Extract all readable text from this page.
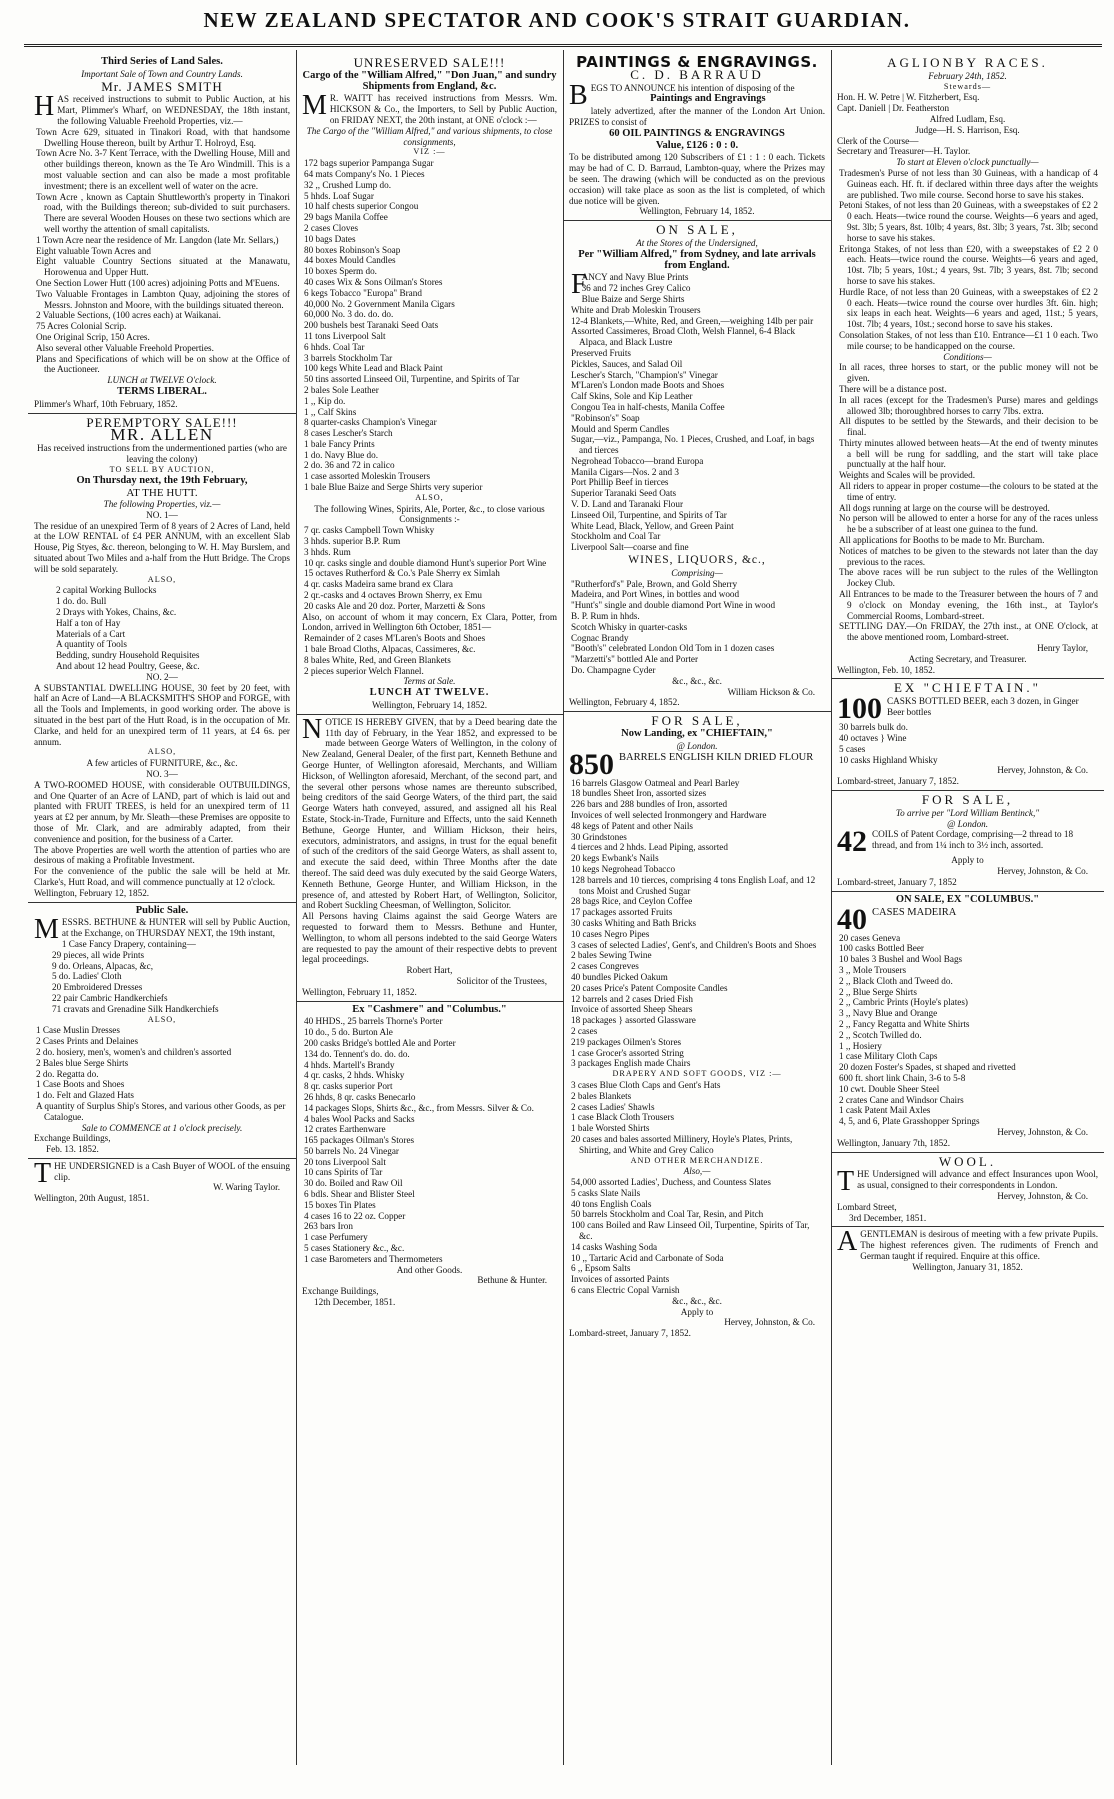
NEW ZEALAND SPECTATOR AND COOK'S STRAIT GUARDIAN.
Third Series of Land Sales.
Important Sale of Town and Country Lands.
Mr. JAMES SMITH
HAS received instructions to submit to Public Auction, at his Mart, Plimmer's Wharf, on WEDNESDAY, the 18th instant, the following Valuable Freehold Properties, viz.—
Town Acre 629, situated in Tinakori Road, with that handsome Dwelling House thereon, built by Arthur T. Holroyd, Esq.
Town Acre No. 3-7 Kent Terrace, with the Dwelling House, Mill and other buildings thereon, known as the Te Aro Windmill. This is a most valuable section and can also be made a most profitable investment; there is an excellent well of water on the acre.
Town Acre , known as Captain Shuttleworth's property in Tinakori road, with the Buildings thereon; sub-divided to suit purchasers. There are several Wooden Houses on these two sections which are well worthy the attention of small capitalists.
1 Town Acre near the residence of Mr. Langdon (late Mr. Sellars,)
Eight valuable Town Acres and
Eight valuable Country Sections situated at the Manawatu, Horowenua and Upper Hutt.
One Section Lower Hutt (100 acres) adjoining Potts and M'Euens.
Two Valuable Frontages in Lambton Quay, adjoining the stores of Messrs. Johnston and Moore, with the buildings situated thereon.
2 Valuable Sections, (100 acres each) at Waikanai.
75 Acres Colonial Scrip.
One Original Scrip, 150 Acres.
Also several other Valuable Freehold Properties.
Plans and Specifications of which will be on show at the Office of the Auctioneer.
LUNCH at TWELVE O'clock.
TERMS LIBERAL.
Plimmer's Wharf, 10th February, 1852.
PEREMPTORY SALE!!!
MR. ALLEN
Has received instructions from the undermentioned parties (who are leaving the colony)
TO SELL BY AUCTION,
On Thursday next, the 19th February,
AT THE HUTT.
The following Properties, viz.—
NO. 1—
The residue of an unexpired Term of 8 years of 2 Acres of Land, held at the LOW RENTAL of £4 PER ANNUM, with an excellent Slab House, Pig Styes, &c. thereon, belonging to W. H. May Burslem, and situated about Two Miles and a-half from the Hutt Bridge. The Crops will be sold separately.
ALSO,
2 capital Working Bullocks
1 do. do. Bull
2 Drays with Yokes, Chains, &c.
Half a ton of Hay
Materials of a Cart
A quantity of Tools
Bedding, sundry Household Requisites
And about 12 head Poultry, Geese, &c.
NO. 2—
A SUBSTANTIAL DWELLING HOUSE, 30 feet by 20 feet, with half an Acre of Land—A BLACKSMITH'S SHOP and FORGE, with all the Tools and Implements, in good working order. The above is situated in the best part of the Hutt Road, is in the occupation of Mr. Clarke, and held for an unexpired term of 11 years, at £4 6s. per annum.
ALSO,
A few articles of FURNITURE, &c., &c.
NO. 3—
A TWO-ROOMED HOUSE, with considerable OUTBUILDINGS, and One Quarter of an Acre of LAND, part of which is laid out and planted with FRUIT TREES, is held for an unexpired term of 11 years at £2 per annum, by Mr. Sleath—these Premises are opposite to those of Mr. Clark, and are admirably adapted, from their convenience and position, for the business of a Carter.
The above Properties are well worth the attention of parties who are desirous of making a Profitable Investment.
For the convenience of the public the sale will be held at Mr. Clarke's, Hutt Road, and will commence punctually at 12 o'clock.
Wellington, February 12, 1852.
Public Sale.
MESSRS. BETHUNE & HUNTER will sell by Public Auction, at the Exchange, on THURSDAY NEXT, the 19th instant,
1 Case Fancy Drapery, containing—
29 pieces, all wide Prints
9 do. Orleans, Alpacas, &c,
5 do. Ladies' Cloth
20 Embroidered Dresses
22 pair Cambric Handkerchiefs
71 cravats and Grenadine Silk Handkerchiefs
ALSO,
1 Case Muslin Dresses
2 Cases Prints and Delaines
2 do. hosiery, men's, women's and children's assorted
2 Bales blue Serge Shirts
2 do. Regatta do.
1 Case Boots and Shoes
1 do. Felt and Glazed Hats
A quantity of Surplus Ship's Stores, and various other Goods, as per Catalogue.
Sale to COMMENCE at 1 o'clock precisely.
Exchange Buildings,
Feb. 13. 1852.
THE UNDERSIGNED is a Cash Buyer of WOOL of the ensuing clip.
W. Waring Taylor.
Wellington, 20th August, 1851.
UNRESERVED SALE!!!
Cargo of the "William Alfred," "Don Juan," and sundry Shipments from England, &c.
M R. WAITT has received instructions from Messrs. Wm. HICKSON & Co., the Importers, to Sell by Public Auction, on FRIDAY NEXT, the 20th instant, at ONE o'clock :—
The Cargo of the "William Alfred," and various shipments, to close consignments,
VIZ :—
172 bags superior Pampanga Sugar
64 mats Company's No. 1 Pieces
32 ,, Crushed Lump do.
5 hhds. Loaf Sugar
10 half chests superior Congou
29 bags Manila Coffee
2 cases Cloves
10 bags Dates
80 boxes Robinson's Soap
44 boxes Mould Candles
10 boxes Sperm do.
40 cases Wix & Sons Oilman's Stores
6 kegs Tobacco "Europa" Brand
40,000 No. 2 Government Manila Cigars
60,000 No. 3 do. do. do.
200 bushels best Taranaki Seed Oats
11 tons Liverpool Salt
6 hhds. Coal Tar
3 barrels Stockholm Tar
100 kegs White Lead and Black Paint
50 tins assorted Linseed Oil, Turpentine, and Spirits of Tar
2 bales Sole Leather
1 ,, Kip do.
1 ,, Calf Skins
8 quarter-casks Champion's Vinegar
8 cases Lescher's Starch
1 bale Fancy Prints
1 do. Navy Blue do.
2 do. 36 and 72 in calico
1 case assorted Moleskin Trousers
1 bale Blue Baize and Serge Shirts very superior
ALSO,
The following Wines, Spirits, Ale, Porter, &c., to close various Consignments :-
7 qr. casks Campbell Town Whisky
3 hhds. superior B.P. Rum
3 hhds. Rum
10 qr. casks single and double diamond Hunt's superior Port Wine
15 octaves Rutherford & Co.'s Pale Sherry ex Simlah
4 qr. casks Madeira same brand ex Clara
2 qr.-casks and 4 octaves Brown Sherry, ex Emu
20 casks Ale and 20 doz. Porter, Marzetti & Sons
Also, on account of whom it may concern, Ex Clara, Potter, from London, arrived in Wellington 6th October, 1851—
Remainder of 2 cases M'Laren's Boots and Shoes
1 bale Broad Cloths, Alpacas, Cassimeres, &c.
8 bales White, Red, and Green Blankets
2 pieces superior Welch Flannel.
Terms at Sale.
LUNCH AT TWELVE.
Wellington, February 14, 1852.
NOTICE IS HEREBY GIVEN, that by a Deed bearing date the 11th day of February, in the Year 1852, and expressed to be made between George Waters of Wellington, in the colony of New Zealand, General Dealer, of the first part, Kenneth Bethune and George Hunter, of Wellington aforesaid, Merchants, and William Hickson, of Wellington aforesaid, Merchant, of the second part, and the several other persons whose names are thereunto subscribed, being creditors of the said George Waters, of the third part, the said George Waters hath conveyed, assured, and assigned all his Real Estate, Stock-in-Trade, Furniture and Effects, unto the said Kenneth Bethune, George Hunter, and William Hickson, their heirs, executors, administrators, and assigns, in trust for the equal benefit of such of the creditors of the said George Waters, as shall assent to, and execute the said deed, within Three Months after the date thereof. The said deed was duly executed by the said George Waters, Kenneth Bethune, George Hunter, and William Hickson, in the presence of, and attested by Robert Hart, of Wellington, Solicitor, and Robert Suckling Cheesman, of Wellington, Solicitor.
All Persons having Claims against the said George Waters are requested to forward them to Messrs. Bethune and Hunter, Wellington, to whom all persons indebted to the said George Waters are requested to pay the amount of their respective debts to prevent legal proceedings.
Robert Hart,
Solicitor of the Trustees,
Wellington, February 11, 1852.
Ex "Cashmere" and "Columbus."
40 HHDS., 25 barrels Thorne's Porter
10 do., 5 do. Burton Ale
200 casks Bridge's bottled Ale and Porter
134 do. Tennent's do. do. do.
4 hhds. Martell's Brandy
4 qr. casks, 2 hhds. Whisky
8 qr. casks superior Port
26 hhds, 8 qr. casks Benecarlo
14 packages Slops, Shirts &c., &c., from Messrs. Silver & Co.
4 bales Wool Packs and Sacks
12 crates Earthenware
165 packages Oilman's Stores
50 barrels No. 24 Vinegar
20 tons Liverpool Salt
10 cans Spirits of Tar
30 do. Boiled and Raw Oil
6 bdls. Shear and Blister Steel
15 boxes Tin Plates
4 cases 16 to 22 oz. Copper
263 bars Iron
1 case Perfumery
5 cases Stationery &c., &c.
1 case Barometers and Thermometers
And other Goods.
Bethune & Hunter.
Exchange Buildings,
12th December, 1851.
PAINTINGS & ENGRAVINGS.
C. D. BARRAUD
BEGS TO ANNOUNCE his intention of disposing of the
Paintings and Engravings
lately advertized, after the manner of the London Art Union. PRIZES to consist of
60 OIL PAINTINGS & ENGRAVINGS
Value, £126 : 0 : 0.
To be distributed among 120 Subscribers of £1 : 1 : 0 each. Tickets may be had of C. D. Barraud, Lambton-quay, where the Prizes may be seen. The drawing (which will be conducted as on the previous occasion) will take place as soon as the list is completed, of which due notice will be given.
Wellington, February 14, 1852.
ON SALE,
At the Stores of the Undersigned,
Per "William Alfred," from Sydney, and late arrivals from England.
F
ANCY and Navy Blue Prints
36 and 72 inches Grey Calico
Blue Baize and Serge Shirts
White and Drab Moleskin Trousers
12-4 Blankets,—White, Red, and Green,—weighing 14lb per pair
Assorted Cassimeres, Broad Cloth, Welsh Flannel, 6-4 Black Alpaca, and Black Lustre
Preserved Fruits
Pickles, Sauces, and Salad Oil
Lescher's Starch, "Champion's" Vinegar
M'Laren's London made Boots and Shoes
Calf Skins, Sole and Kip Leather
Congou Tea in half-chests, Manila Coffee
"Robinson's" Soap
Mould and Sperm Candles
Sugar,—viz., Pampanga, No. 1 Pieces, Crushed, and Loaf, in bags and tierces
Negrohead Tobacco—brand Europa
Manila Cigars—Nos. 2 and 3
Port Phillip Beef in tierces
Superior Taranaki Seed Oats
V. D. Land and Taranaki Flour
Linseed Oil, Turpentine, and Spirits of Tar
White Lead, Black, Yellow, and Green Paint
Stockholm and Coal Tar
Liverpool Salt—coarse and fine
WINES, LIQUORS, &c.,
Comprising—
"Rutherford's" Pale, Brown, and Gold Sherry
Madeira, and Port Wines, in bottles and wood
"Hunt's" single and double diamond Port Wine in wood
B. P. Rum in hhds.
Scotch Whisky in quarter-casks
Cognac Brandy
"Booth's" celebrated London Old Tom in 1 dozen cases
"Marzetti's" bottled Ale and Porter
Do. Champagne Cyder
&c., &c., &c.
William Hickson & Co.
Wellington, February 4, 1852.
FOR SALE,
Now Landing, ex "CHIEFTAIN,"
@ London.
850 BARRELS ENGLISH KILN DRIED FLOUR
16 barrels Glasgow Oatmeal and Pearl Barley
18 bundles Sheet Iron, assorted sizes
226 bars and 288 bundles of Iron, assorted
Invoices of well selected Ironmongery and Hardware
48 kegs of Patent and other Nails
30 Grindstones
4 tierces and 2 hhds. Lead Piping, assorted
20 kegs Ewbank's Nails
10 kegs Negrohead Tobacco
128 barrels and 10 tierces, comprising 4 tons English Loaf, and 12 tons Moist and Crushed Sugar
28 bags Rice, and Ceylon Coffee
17 packages assorted Fruits
30 casks Whiting and Bath Bricks
10 cases Negro Pipes
3 cases of selected Ladies', Gent's, and Children's Boots and Shoes
2 bales Sewing Twine
2 cases Congreves
40 bundles Picked Oakum
20 cases Price's Patent Composite Candles
12 barrels and 2 cases Dried Fish
Invoice of assorted Sheep Shears
18 packages } assorted Glassware
2 cases
219 packages Oilmen's Stores
1 case Grocer's assorted String
3 packages English made Chairs
DRAPERY AND SOFT GOODS, VIZ :—
3 cases Blue Cloth Caps and Gent's Hats
2 bales Blankets
2 cases Ladies' Shawls
1 case Black Cloth Trousers
1 bale Worsted Shirts
20 cases and bales assorted Millinery, Hoyle's Plates, Prints, Shirting, and White and Grey Calico
AND OTHER MERCHANDIZE.
Also,—
54,000 assorted Ladies', Duchess, and Countess Slates
5 casks Slate Nails
40 tons English Coals
50 barrels Stockholm and Coal Tar, Resin, and Pitch
100 cans Boiled and Raw Linseed Oil, Turpentine, Spirits of Tar, &c.
14 casks Washing Soda
10 ,, Tartaric Acid and Carbonate of Soda
6 ,, Epsom Salts
Invoices of assorted Paints
6 cans Electric Copal Varnish
&c., &c., &c.
Apply to
Hervey, Johnston, & Co.
Lombard-street, January 7, 1852.
AGLIONBY RACES.
February 24th, 1852.
Stewards—
Hon. H. W. Petre | W. Fitzherbert, Esq.
Capt. Daniell | Dr. Featherston
Alfred Ludlam, Esq.
Judge—H. S. Harrison, Esq.
Clerk of the Course—
Secretary and Treasurer—H. Taylor.
To start at Eleven o'clock punctually—
Tradesmen's Purse of not less than 30 Guineas, with a handicap of 4 Guineas each. Hf. ft. if declared within three days after the weights are published. Two mile course. Second horse to save his stakes.
Petoni Stakes, of not less than 20 Guineas, with a sweepstakes of £2 2 0 each. Heats—twice round the course. Weights—6 years and aged, 9st. 3lb; 5 years, 8st. 10lb; 4 years, 8st. 3lb; 3 years, 7st. 3lb; second horse to save his stakes.
Eritonga Stakes, of not less than £20, with a sweepstakes of £2 2 0 each. Heats—twice round the course. Weights—6 years and aged, 10st. 7lb; 5 years, 10st.; 4 years, 9st. 7lb; 3 years, 8st. 7lb; second horse to save his stakes.
Hurdle Race, of not less than 20 Guineas, with a sweepstakes of £2 2 0 each. Heats—twice round the course over hurdles 3ft. 6in. high; six leaps in each heat. Weights—6 years and aged, 11st.; 5 years, 10st. 7lb; 4 years, 10st.; second horse to save his stakes.
Consolation Stakes, of not less than £10. Entrance—£1 1 0 each. Two mile course; to be handicapped on the course.
Conditions—
In all races, three horses to start, or the public money will not be given.
There will be a distance post.
In all races (except for the Tradesmen's Purse) mares and geldings allowed 3lb; thoroughbred horses to carry 7lbs. extra.
All disputes to be settled by the Stewards, and their decision to be final.
Thirty minutes allowed between heats—At the end of twenty minutes a bell will be rung for saddling, and the start will take place punctually at the half hour.
Weights and Scales will be provided.
All riders to appear in proper costume—the colours to be stated at the time of entry.
All dogs running at large on the course will be destroyed.
No person will be allowed to enter a horse for any of the races unless he be a subscriber of at least one guinea to the fund.
All applications for Booths to be made to Mr. Burcham.
Notices of matches to be given to the stewards not later than the day previous to the races.
The above races will be run subject to the rules of the Wellington Jockey Club.
All Entrances to be made to the Treasurer between the hours of 7 and 9 o'clock on Monday evening, the 16th inst., at Taylor's Commercial Rooms, Lombard-street.
SETTLING DAY.—On FRIDAY, the 27th inst., at ONE O'clock, at the above mentioned room, Lombard-street.
Henry Taylor,
Acting Secretary, and Treasurer.
Wellington, Feb. 10, 1852.
EX "CHIEFTAIN."
100 CASKS BOTTLED BEER, each 3 dozen, in Ginger Beer bottles
30 barrels bulk do.
40 octaves } Wine
5 cases
10 casks Highland Whisky
Hervey, Johnston, & Co.
Lombard-street, January 7, 1852.
FOR SALE,
To arrive per "Lord William Bentinck,"
@ London.
42 COILS of Patent Cordage, comprising—2 thread to 18 thread, and from 1¼ inch to 3½ inch, assorted.
Apply to
Hervey, Johnston, & Co.
Lombard-street, January 7, 1852
ON SALE, EX "COLUMBUS."
40 CASES MADEIRA
20 cases Geneva
100 casks Bottled Beer
10 bales 3 Bushel and Wool Bags
3 ,, Mole Trousers
2 ,, Black Cloth and Tweed do.
2 ,, Blue Serge Shirts
2 ,, Cambric Prints (Hoyle's plates)
3 ,, Navy Blue and Orange
2 ,, Fancy Regatta and White Shirts
2 ,, Scotch Twilled do.
1 ,, Hosiery
1 case Military Cloth Caps
20 dozen Foster's Spades, st shaped and rivetted
600 ft. short link Chain, 3-6 to 5-8
10 cwt. Double Sheer Steel
2 crates Cane and Windsor Chairs
1 cask Patent Mail Axles
4, 5, and 6, Plate Grasshopper Springs
Hervey, Johnston, & Co.
Wellington, January 7th, 1852.
WOOL.
THE Undersigned will advance and effect Insurances upon Wool, as usual, consigned to their correspondents in London.
Hervey, Johnston, & Co.
Lombard Street,
3rd December, 1851.
AGENTLEMAN is desirous of meeting with a few private Pupils. The highest references given. The rudiments of French and German taught if required. Enquire at this office.
Wellington, January 31, 1852.
